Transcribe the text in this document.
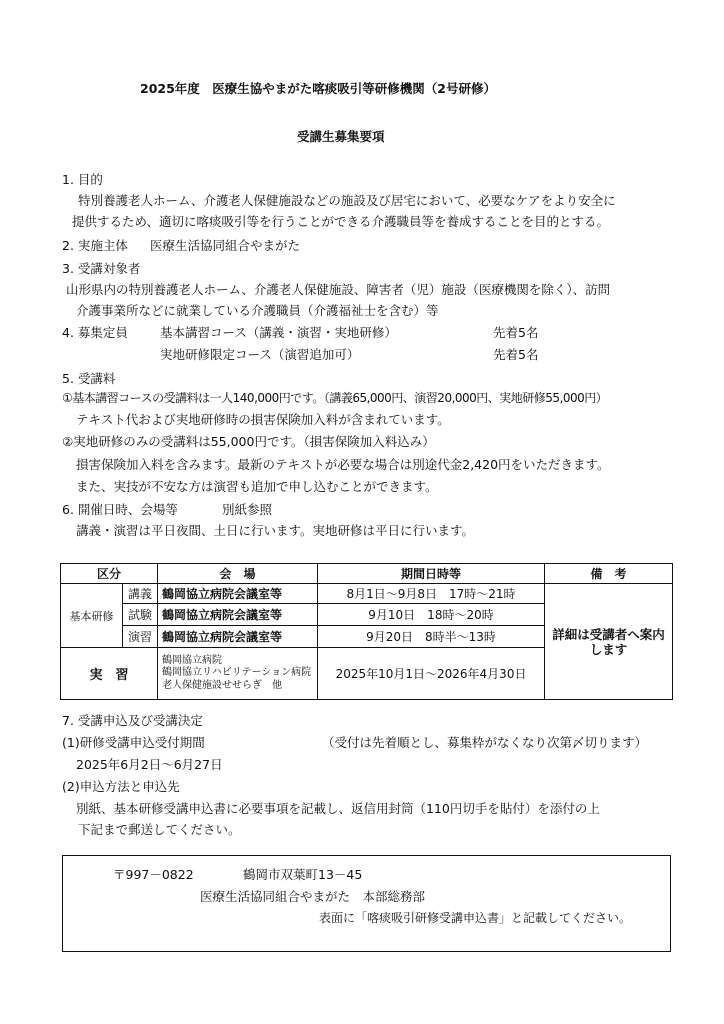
2025年度　医療生協やまがた喀痰吸引等研修機関（2号研修）
受講生募集要項
1. 目的
特別養護老人ホーム、介護老人保健施設などの施設及び居宅において、必要なケアをより安全に
提供するため、適切に喀痰吸引等を行うことができる介護職員等を養成することを目的とする。
2. 実施主体 医療生活協同組合やまがた
3. 受講対象者
山形県内の特別養護老人ホーム、介護老人保健施設、障害者（児）施設（医療機関を除く）、訪問
介護事業所などに就業している介護職員（介護福祉士を含む）等
4. 募集定員	基本講習コース（講義・演習・実地研修）	先着5名
実地研修限定コース（演習追加可）	先着5名
5. 受講料
①基本講習コースの受講料は一人140,000円です。（講義65,000円、演習20,000円、実地研修55,000円）
テキスト代および実地研修時の損害保険加入料が含まれています。
②実地研修のみの受講料は55,000円です。（損害保険加入料込み）
損害保険加入料を含みます。最新のテキストが必要な場合は別途代金2,420円をいただきます。
また、実技が不安な方は演習も追加で申し込むことができます。
6. 開催日時、会場等	別紙参照
講義・演習は平日夜間、土日に行います。実地研修は平日に行います。
区分		会　場	期間日時等	備　考
基本研修	講義	鶴岡協立病院会議室等	8月1日～9月8日　17時～21時	詳細は受講者へ案内します
	試験	鶴岡協立病院会議室等	9月10日　18時～20時	
	演習	鶴岡協立病院会議室等	9月20日　8時半～13時	
実　習		鶴岡協立病院
鶴岡協立リハビリテーション病院
老人保健施設せせらぎ　他	2025年10月1日～2026年4月30日	
7. 受講申込及び受講決定
(1)研修受講申込受付期間	（受付は先着順とし、募集枠がなくなり次第〆切ります）
2025年6月2日～6月27日
(2)申込方法と申込先
別紙、基本研修受講申込書に必要事項を記載し、返信用封筒（110円切手を貼付）を添付の上
下記まで郵送してください。
〒997－0822	鶴岡市双葉町13－45
医療生活協同組合やまがた　本部総務部
表面に「喀痰吸引研修受講申込書」と記載してください。
